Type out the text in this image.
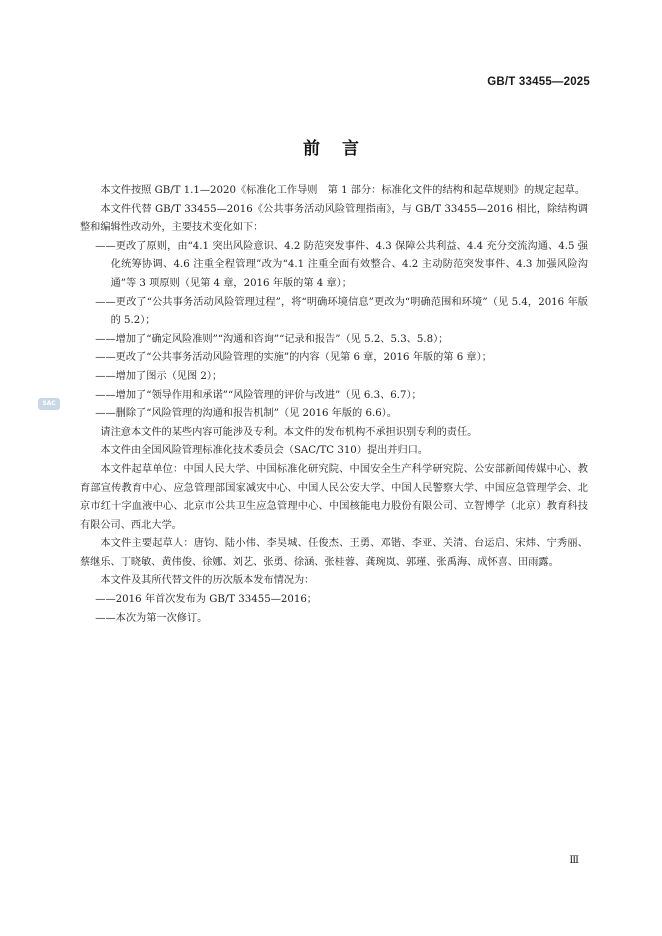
GB/T 33455—2025
前言
SAC

本文件按照 GB/T 1.1—2020《标准化工作导则　第 1 部分：标准化文件的结构和起草规则》的规定起草。

本文件代替 GB/T 33455—2016《公共事务活动风险管理指南》，与 GB/T 33455—2016 相比，除结构调整和编辑性改动外，主要技术变化如下：

——更改了原则，由“4.1 突出风险意识、4.2 防范突发事件、4.3 保障公共利益、4.4 充分交流沟通、4.5 强化统筹协调、4.6 注重全程管理”改为“4.1 注重全面有效整合、4.2 主动防范突发事件、4.3 加强风险沟通”等 3 项原则（见第 4 章，2016 年版的第 4 章）；

——更改了“公共事务活动风险管理过程”，将“明确环境信息”更改为“明确范围和环境”（见 5.4，2016 年版的 5.2）；

——增加了“确定风险准则”“沟通和咨询”“记录和报告”（见 5.2、5.3、5.8）；

——更改了“公共事务活动风险管理的实施”的内容（见第 6 章，2016 年版的第 6 章）；

——增加了图示（见图 2）；

——增加了“领导作用和承诺”“风险管理的评价与改进”（见 6.3、6.7）；

——删除了“风险管理的沟通和报告机制”（见 2016 年版的 6.6）。

请注意本文件的某些内容可能涉及专利。本文件的发布机构不承担识别专利的责任。

本文件由全国风险管理标准化技术委员会（SAC/TC 310）提出并归口。

本文件起草单位：中国人民大学、中国标准化研究院、中国安全生产科学研究院、公安部新闻传媒中心、教育部宣传教育中心、应急管理部国家减灾中心、中国人民公安大学、中国人民警察大学、中国应急管理学会、北京市红十字血液中心、北京市公共卫生应急管理中心、中国核能电力股份有限公司、立智博学（北京）教育科技有限公司、西北大学。

本文件主要起草人：唐钧、陆小伟、李昊城、任俊杰、王勇、邓锴、李亚、关清、台运启、宋炜、宁秀丽、蔡继乐、丁晓敏、黄伟俊、徐娜、刘艺、张勇、徐涵、张桂蓉、龚琬岚、郭瑾、张禹海、成怀喜、田雨露。

本文件及其所代替文件的历次版本发布情况为：

——2016 年首次发布为 GB/T 33455—2016；

——本次为第一次修订。

Ⅲ
